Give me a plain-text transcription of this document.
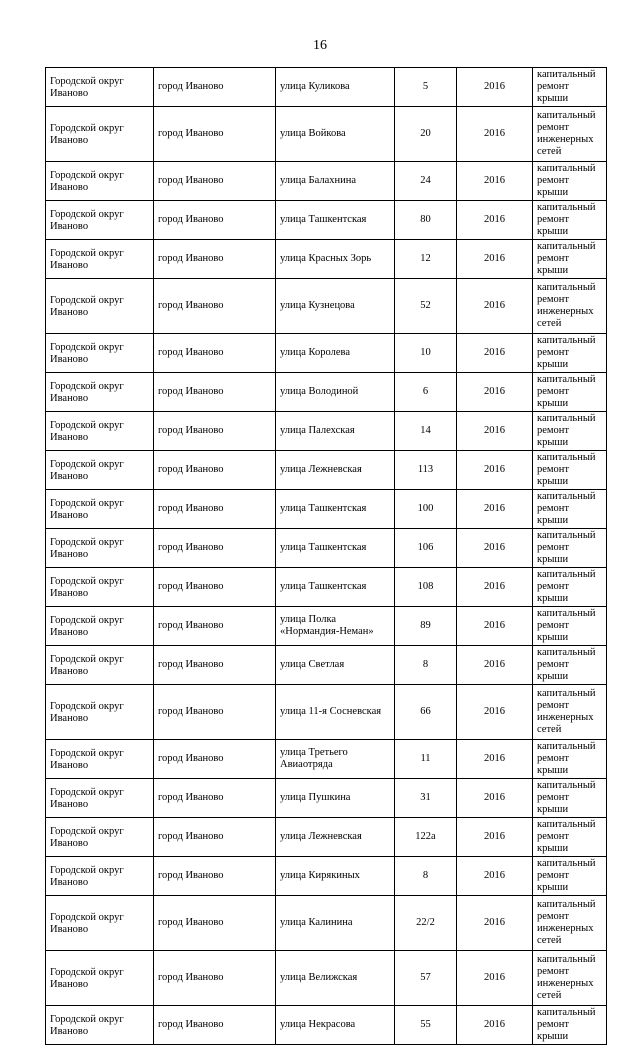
16
Городской округ Иваново	город Иваново	улица Куликова	5	2016	капитальный ремонт крыши
Городской округ Иваново	город Иваново	улица Войкова	20	2016	капитальный ремонт инженерных сетей
Городской округ Иваново	город Иваново	улица Балахнина	24	2016	капитальный ремонт крыши
Городской округ Иваново	город Иваново	улица Ташкентская	80	2016	капитальный ремонт крыши
Городской округ Иваново	город Иваново	улица Красных Зорь	12	2016	капитальный ремонт крыши
Городской округ Иваново	город Иваново	улица Кузнецова	52	2016	капитальный ремонт инженерных сетей
Городской округ Иваново	город Иваново	улица Королева	10	2016	капитальный ремонт крыши
Городской округ Иваново	город Иваново	улица Володиной	6	2016	капитальный ремонт крыши
Городской округ Иваново	город Иваново	улица Палехская	14	2016	капитальный ремонт крыши
Городской округ Иваново	город Иваново	улица Лежневская	113	2016	капитальный ремонт крыши
Городской округ Иваново	город Иваново	улица Ташкентская	100	2016	капитальный ремонт крыши
Городской округ Иваново	город Иваново	улица Ташкентская	106	2016	капитальный ремонт крыши
Городской округ Иваново	город Иваново	улица Ташкентская	108	2016	капитальный ремонт крыши
Городской округ Иваново	город Иваново	улица Полка «Нормандия-Неман»	89	2016	капитальный ремонт крыши
Городской округ Иваново	город Иваново	улица Светлая	8	2016	капитальный ремонт крыши
Городской округ Иваново	город Иваново	улица 11-я Сосневская	66	2016	капитальный ремонт инженерных сетей
Городской округ Иваново	город Иваново	улица Третьего Авиаотряда	11	2016	капитальный ремонт крыши
Городской округ Иваново	город Иваново	улица Пушкина	31	2016	капитальный ремонт крыши
Городской округ Иваново	город Иваново	улица Лежневская	122а	2016	капитальный ремонт крыши
Городской округ Иваново	город Иваново	улица Кирякиных	8	2016	капитальный ремонт крыши
Городской округ Иваново	город Иваново	улица Калинина	22/2	2016	капитальный ремонт инженерных сетей
Городской округ Иваново	город Иваново	улица Велижская	57	2016	капитальный ремонт инженерных сетей
Городской округ Иваново	город Иваново	улица Некрасова	55	2016	капитальный ремонт крыши
